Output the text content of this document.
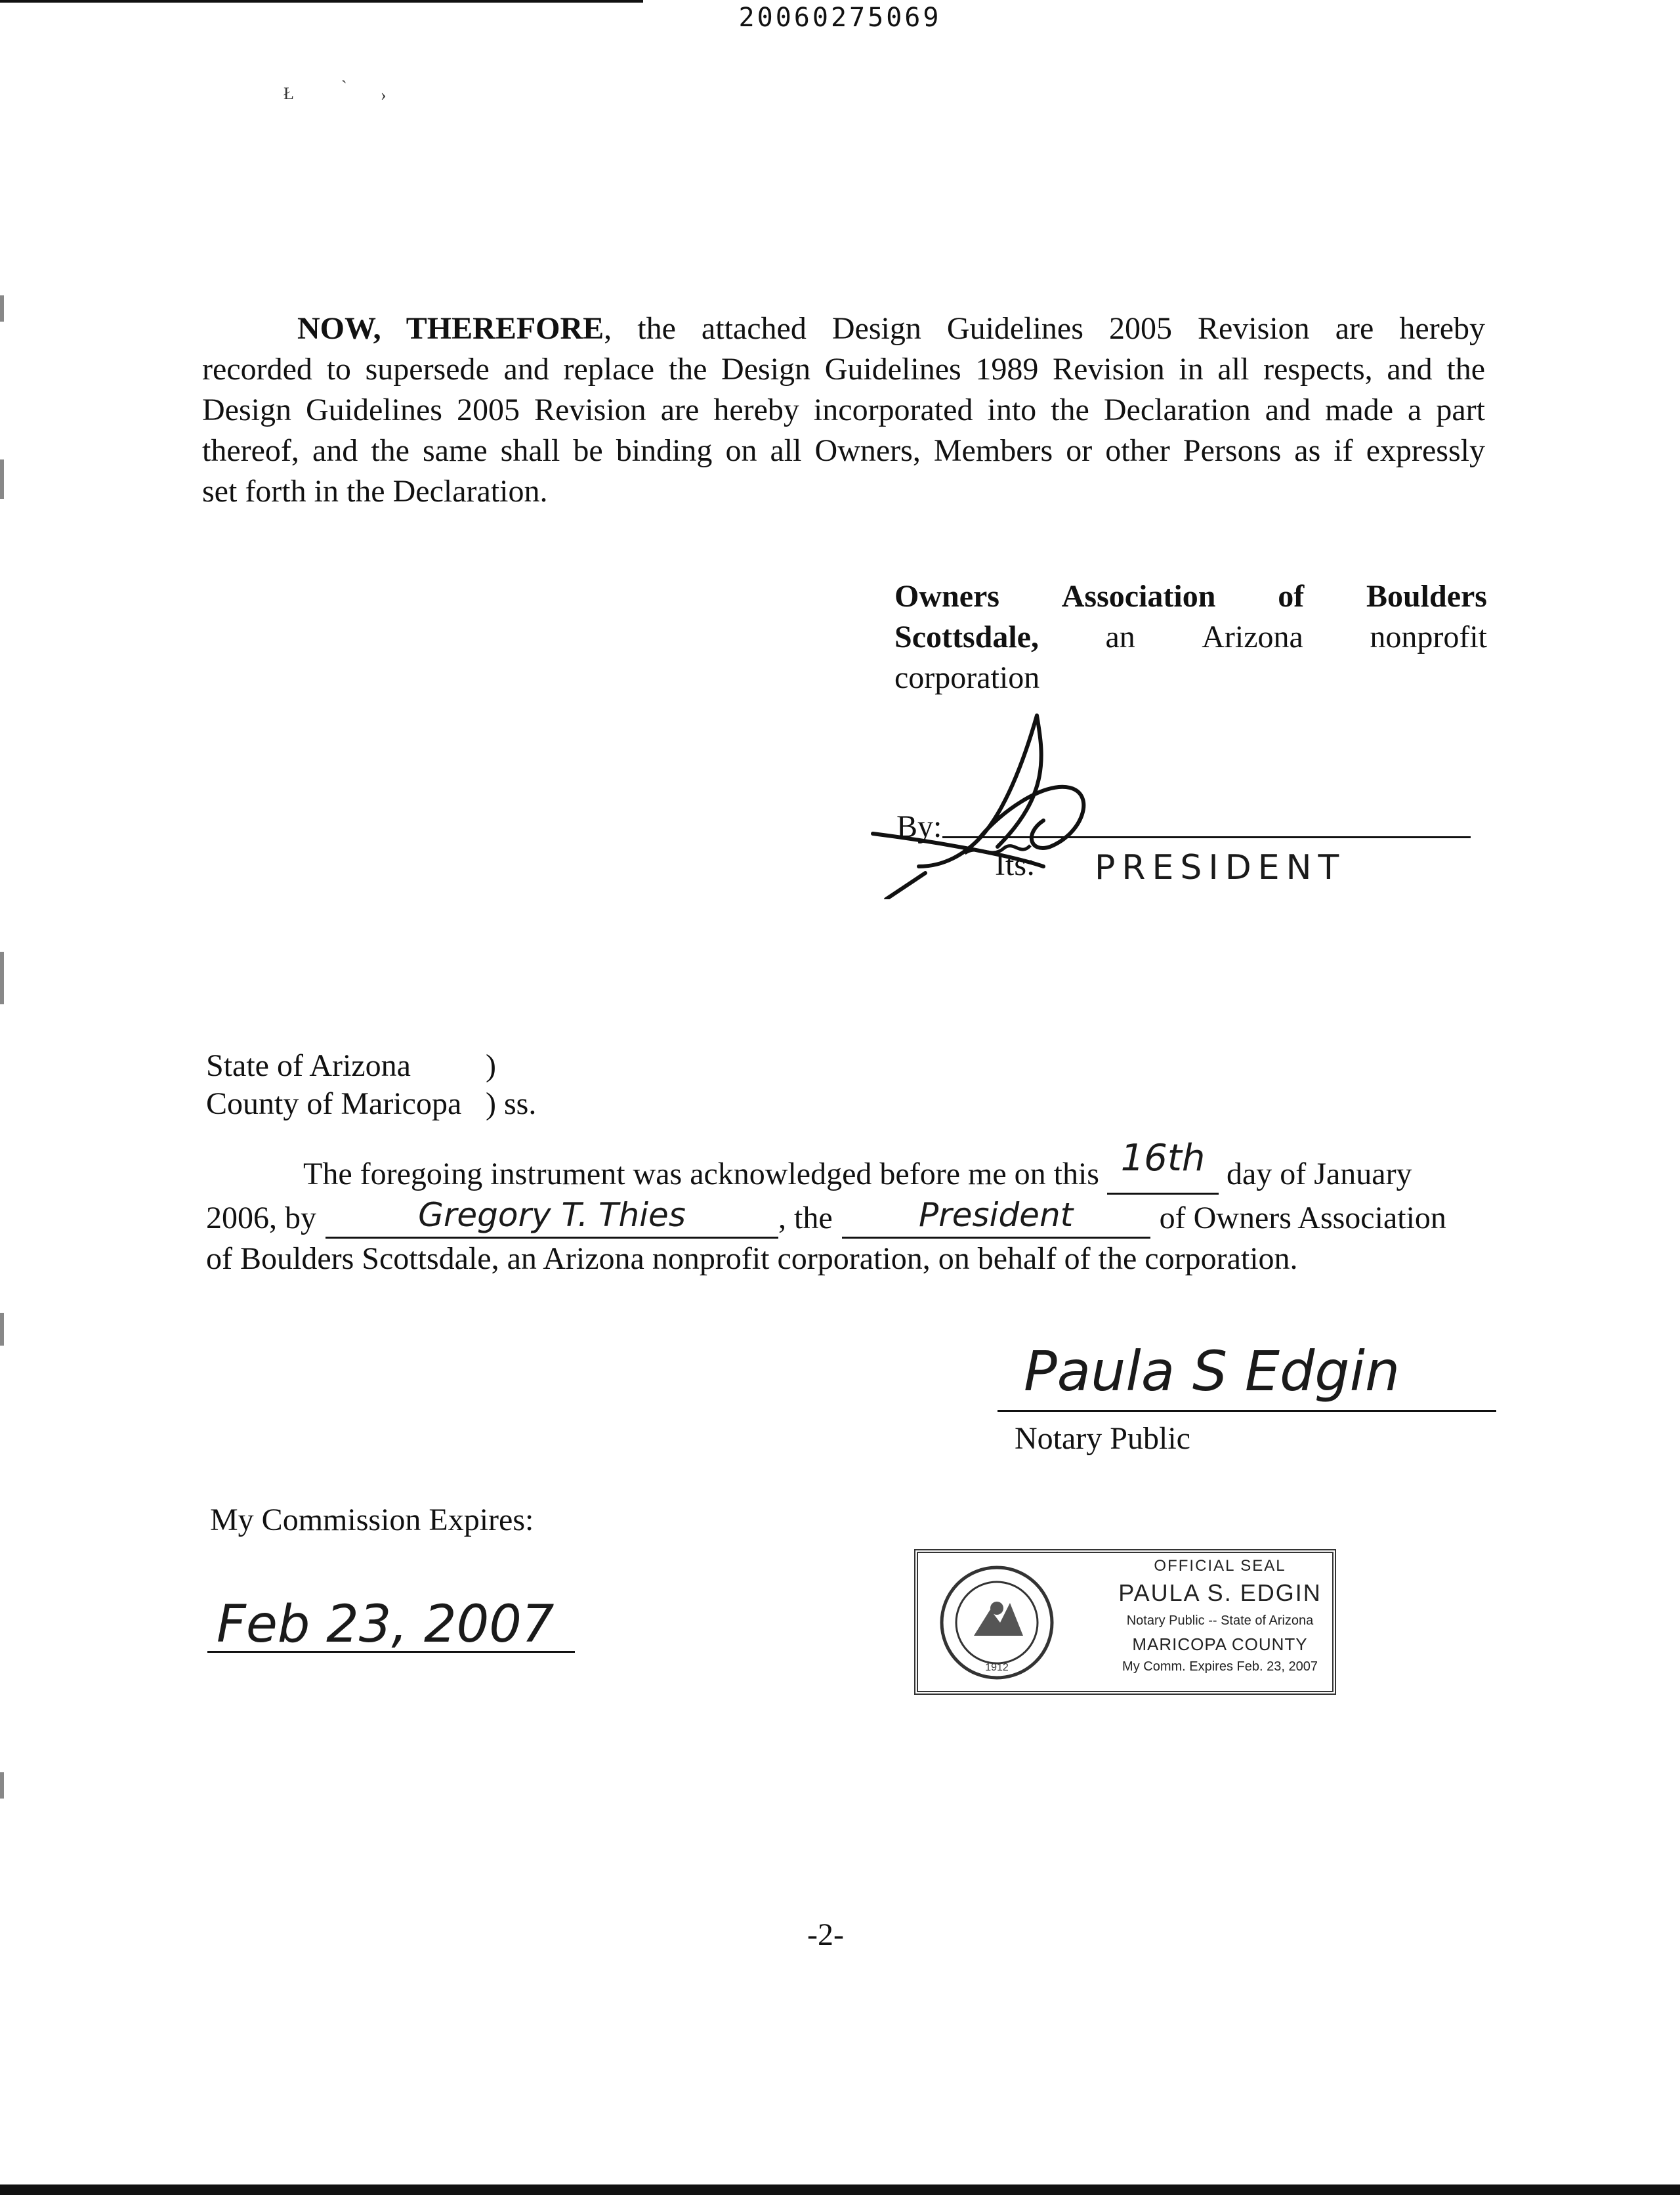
20060275069
Ł	` ›
NOW, THEREFORE, the attached Design Guidelines 2005 Revision are hereby
recorded to supersede and replace the Design Guidelines 1989 Revision in all respects, and the
Design Guidelines 2005 Revision are hereby incorporated into the Declaration and made a part
thereof, and the same shall be binding on all Owners, Members or other Persons as if expressly
set forth in the Declaration.
Owners Association of Boulders
Scottsdale, an Arizona nonprofit
corporation
By:
Its: PRESIDENT
State of Arizona )
County of Maricopa ) ss.
The foregoing instrument was acknowledged before me on this 16th day of January
2006, by	Gregory T. Thies	, the	President	of Owners Association
of Boulders Scottsdale, an Arizona nonprofit corporation, on behalf of the corporation.
Paula S Edgin
Notary Public
My Commission Expires:
Feb 23, 2007
1912
OFFICIAL SEAL
PAULA S. EDGIN
Notary Public -- State of Arizona
MARICOPA COUNTY
My Comm. Expires Feb. 23, 2007
-2-
